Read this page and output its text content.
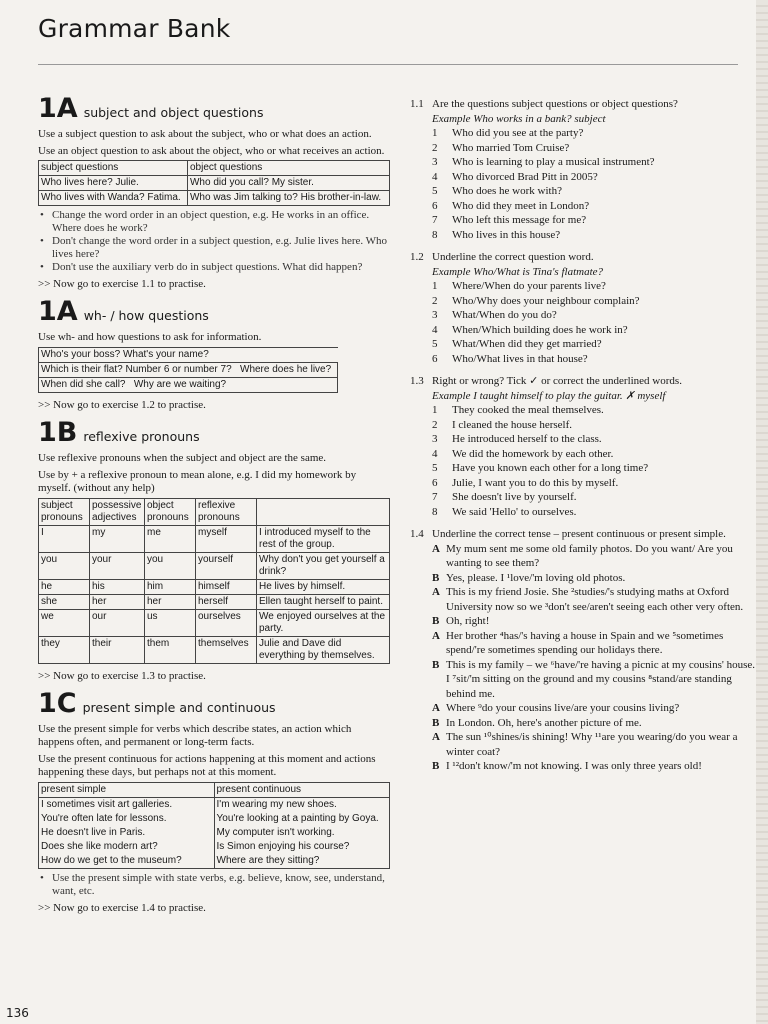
Grammar Bank
1A subject and object questions

Use a subject question to ask about the subject, who or what does an action.

Use an object question to ask about the object, who or what receives an action.

subject questions	object questions
Who lives here? Julie.	Who did you call? My sister.
Who lives with Wanda? Fatima.	Who was Jim talking to? His brother-in-law.
• Change the word order in an object question, e.g. He works in an office. Where does he work?
• Don't change the word order in a subject question, e.g. Julie lives here. Who lives here?
• Don't use the auxiliary verb do in subject questions. What did happen?

>> Now go to exercise 1.1 to practise.

1A wh- / how questions

Use wh- and how questions to ask for information.

Who's your boss? What's your name?
Which is their flat? Number 6 or number 7? Where does he live?
When did she call? Why are we waiting?

>> Now go to exercise 1.2 to practise.

1B reflexive pronouns

Use reflexive pronouns when the subject and object are the same.

Use by + a reflexive pronoun to mean alone, e.g. I did my homework by myself. (without any help)

subject pronouns	possessive adjectives	object pronouns	reflexive pronouns	
I	my	me	myself	I introduced myself to the rest of the group.
you	your	you	yourself	Why don't you get yourself a drink?
he	his	him	himself	He lives by himself.
she	her	her	herself	Ellen taught herself to paint.
we	our	us	ourselves	We enjoyed ourselves at the party.
they	their	them	themselves	Julie and Dave did everything by themselves.

>> Now go to exercise 1.3 to practise.

1C present simple and continuous

Use the present simple for verbs which describe states, an action which happens often, and permanent or long-term facts.

Use the present continuous for actions happening at this moment and actions happening these days, but perhaps not at this moment.

present simple	present continuous
I sometimes visit art galleries.	I'm wearing my new shoes.
You're often late for lessons.	You're looking at a painting by Goya.
He doesn't live in Paris.	My computer isn't working.
Does she like modern art?	Is Simon enjoying his course?
How do we get to the museum?	Where are they sitting?
• Use the present simple with state verbs, e.g. believe, know, see, understand, want, etc.

>> Now go to exercise 1.4 to practise.

1.1 Are the questions subject questions or object questions?
Example Who works in a bank? subject
1	Who did you see at the party?
2	Who married Tom Cruise?
3	Who is learning to play a musical instrument?
4	Who divorced Brad Pitt in 2005?
5	Who does he work with?
6	Who did they meet in London?
7	Who left this message for me?
8	Who lives in this house?
1.2 Underline the correct question word.
Example Who/What is Tina's flatmate?
1	Where/When do your parents live?
2	Who/Why does your neighbour complain?
3	What/When do you do?
4	When/Which building does he work in?
5	What/When did they get married?
6	Who/What lives in that house?
1.3 Right or wrong? Tick ✓ or correct the underlined words.
Example I taught himself to play the guitar. ✗ myself
1	They cooked the meal themselves.
2	I cleaned the house herself.
3	He introduced herself to the class.
4	We did the homework by each other.
5	Have you known each other for a long time?
6	Julie, I want you to do this by myself.
7	She doesn't live by yourself.
8	We said 'Hello' to ourselves.
1.4 Underline the correct tense – present continuous or present simple.
A My mum sent me some old family photos. Do you want/ Are you wanting to see them?
B Yes, please. I ¹love/'m loving old photos.
A This is my friend Josie. She ²studies/'s studying maths at Oxford University now so we ³don't see/aren't seeing each other very often.
B Oh, right!
A Her brother ⁴has/'s having a house in Spain and we ⁵sometimes spend/'re sometimes spending our holidays there.
B This is my family – we ⁶have/'re having a picnic at my cousins' house. I ⁷sit/'m sitting on the ground and my cousins ⁸stand/are standing behind me.
A Where ⁹do your cousins live/are your cousins living?
B In London. Oh, here's another picture of me.
A The sun ¹⁰shines/is shining! Why ¹¹are you wearing/do you wear a winter coat?
B I ¹²don't know/'m not knowing. I was only three years old!
136
